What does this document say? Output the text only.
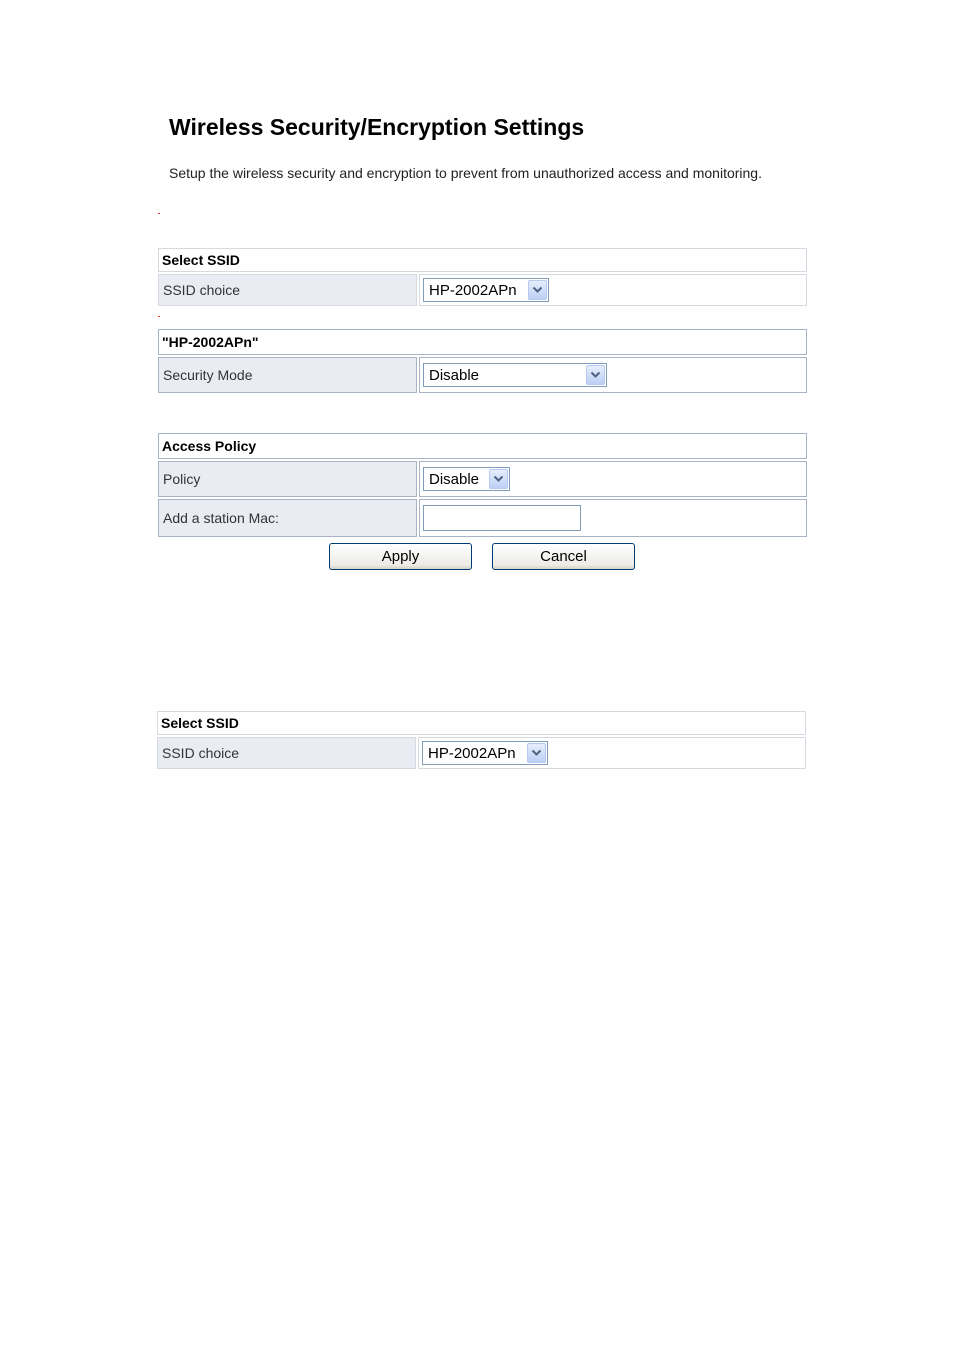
Wireless Security/Encryption Settings
Setup the wireless security and encryption to prevent from unauthorized access and monitoring.
Select SSID
SSID choice	HP-2002APn
"HP-2002APn"
Security Mode	Disable
Access Policy
Policy	Disable
Add a station Mac:
Apply	Cancel
Select SSID
SSID choice	HP-2002APn
